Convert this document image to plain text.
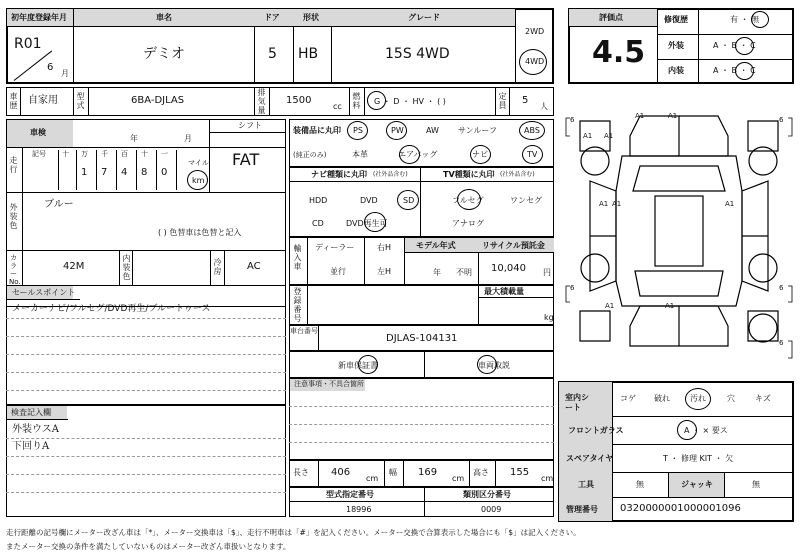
初年度登録年月	車名	ドア	形状	グレード
R01
6
月
デミオ	5 HB	15S 4WD
2WD
4WD
評価点
4.5
修復歴	有 ・ 無
外装	A ・ B ・ C
内装	A ・ B ・ C
車歴 自家用 型式	6BA-DJLAS
排気量
1500
cc
燃料 G ・ D ・ HV ・ ( )
定員 5
人
車検
年	月
シフト
FAT
走行
記号 十 万 千 百 十 一
1 7 4 8 0
マイル
km
外装色
ブルー
( ) 色替車は色替と記入
カラーNo.
42M
内装色
冷房	AC
セールスポイント
メーカーナビ/フルセグ/DVD再生/ブルートゥース
検査記入欄
外装ウスA
下回りA
装備品に丸印
(純正のみ)
PS	PW	AW サンルーフ	ABS
本革	エアバッグ	ナビ	TV
ナビ種類に丸印 (社外品含む)	TV種類に丸印 (社外品含む)
HDD	DVD	SD
CD	DVD再生可
フルセグ	ワンセグ
アナログ
輸入車
ディーラー
並行
右H
左H
モデル年式
年 不明
リサイクル預託金
10,040 円
登録番号
最大積載量
kg
車台番号
DJLAS-104131
新車保証書	車両取説
注意事項・不具合箇所
長さ 406
cm
幅 169
cm
高さ 155
cm
型式指定番号
18996
類別区分番号
0009
A1	A1
A1 A1
A1 A1	A1
A1	A1
6	6
6	6
6
室内シート
コゲ 破れ	汚れ	穴	キズ
フロントガラス	A ・ × 要ス
スペアタイヤ	T ・ 修理 KIT ・ 欠
工具	無	ジャッキ	無
管理番号 0320000001000001096
走行距離の記号欄にメーター改ざん車は「*」、メーター交換車は「$」、走行不明車は「#」を記入ください。メーター交換で合算表示した場合にも「$」は記入ください。
またメーター交換の条件を満たしていないものはメーター改ざん車扱いとなります。
